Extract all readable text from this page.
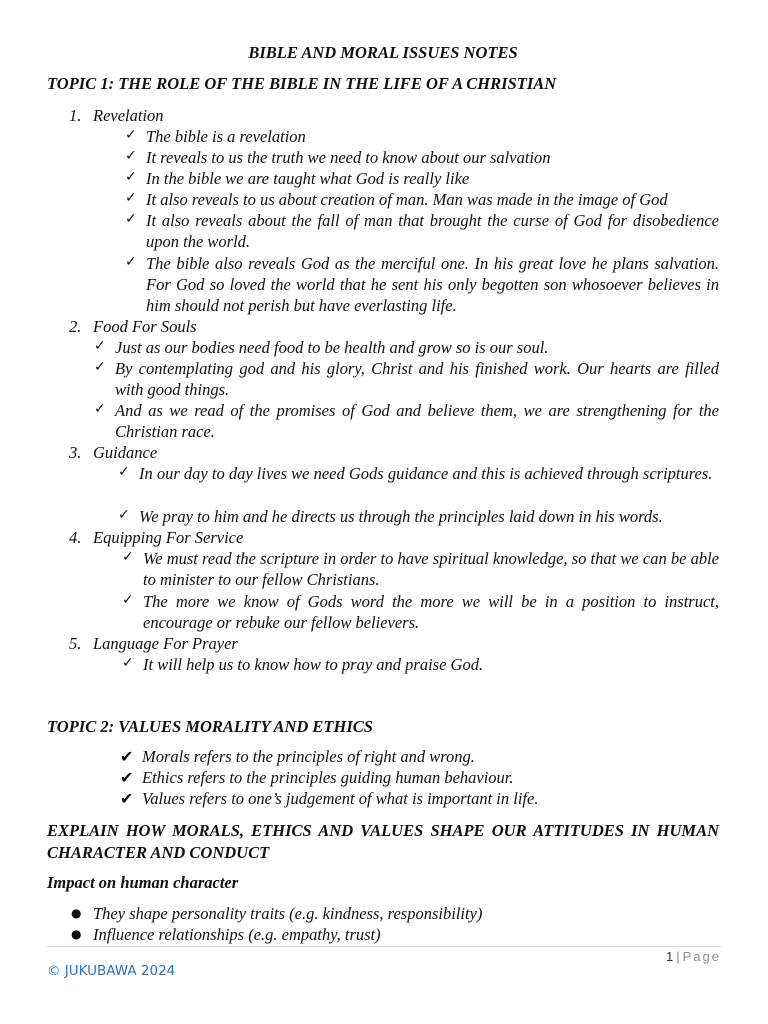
BIBLE AND MORAL ISSUES NOTES
TOPIC 1: THE ROLE OF THE BIBLE IN THE LIFE OF A CHRISTIAN
1. Revelation
✓ The bible is a revelation
✓ It reveals to us the truth we need to know about our salvation
✓ In the bible we are taught what God is really like
✓ It also reveals to us about creation of man. Man was made in the image of God
✓ It also reveals about the fall of man that brought the curse of God for disobedience upon the world.
✓ The bible also reveals God as the merciful one. In his great love he plans salvation. For God so loved the world that he sent his only begotten son whosoever believes in him should not perish but have everlasting life.
2. Food For Souls
✓ Just as our bodies need food to be health and grow so is our soul.
✓ By contemplating god and his glory, Christ and his finished work. Our hearts are filled with good things.
✓ And as we read of the promises of God and believe them, we are strengthening for the Christian race.
3. Guidance
✓ In our day to day lives we need Gods guidance and this is achieved through scriptures.
✓ We pray to him and he directs us through the principles laid down in his words.
4. Equipping For Service
✓ We must read the scripture in order to have spiritual knowledge, so that we can be able to minister to our fellow Christians.
✓ The more we know of Gods word the more we will be in a position to instruct, encourage or rebuke our fellow believers.
5. Language For Prayer
✓ It will help us to know how to pray and praise God.
TOPIC 2: VALUES MORALITY AND ETHICS
✔ Morals refers to the principles of right and wrong.
✔ Ethics refers to the principles guiding human behaviour.
✔ Values refers to one’s judgement of what is important in life.
EXPLAIN HOW MORALS, ETHICS AND VALUES SHAPE OUR ATTITUDES IN HUMAN CHARACTER AND CONDUCT
Impact on human character
● They shape personality traits (e.g. kindness, responsibility)
● Influence relationships (e.g. empathy, trust)
1 | Page
© JUKUBAWA 2024
